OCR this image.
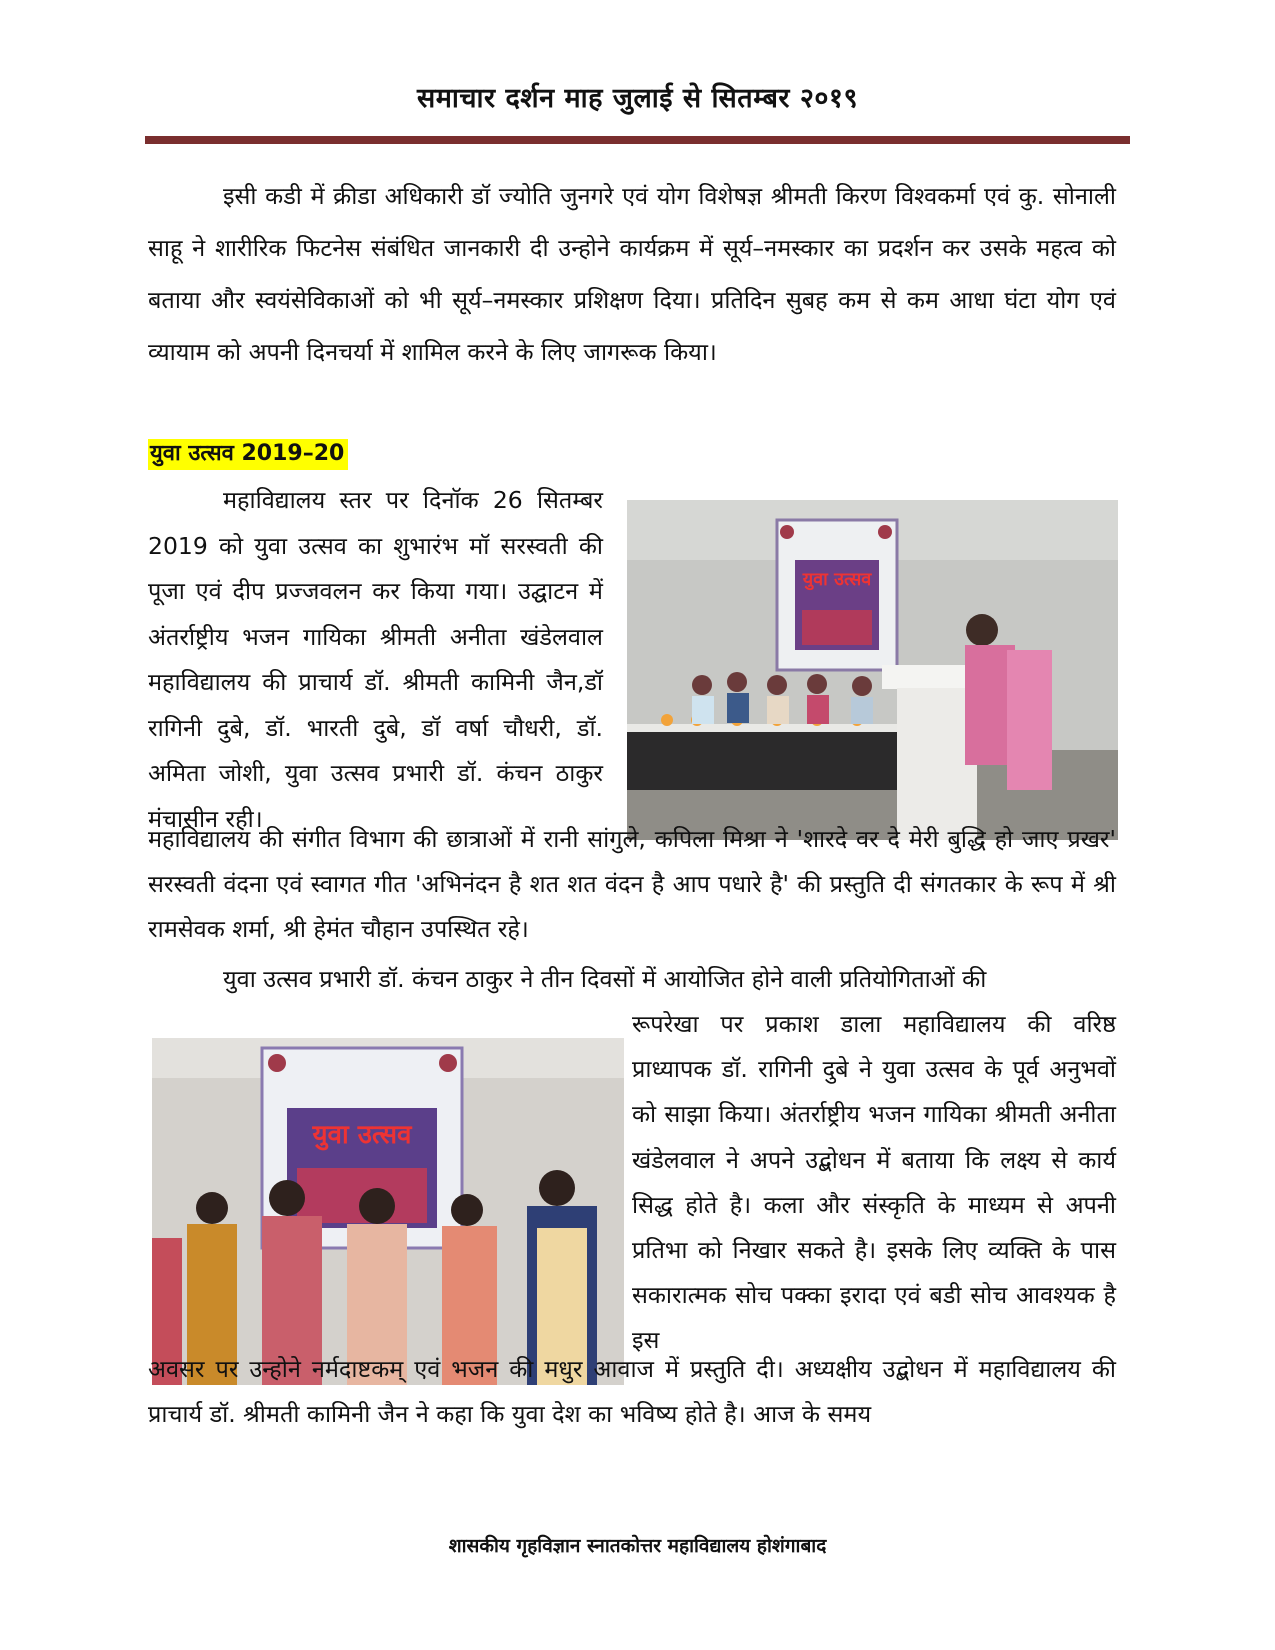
समाचार दर्शन माह जुलाई से सितम्बर २०१९

इसी कडी में क्रीडा अधिकारी डॉ ज्योति जुनगरे एवं योग विशेषज्ञ श्रीमती किरण विश्वकर्मा एवं कु. सोनाली साहू ने शारीरिक फिटनेस संबंधित जानकारी दी उन्होने कार्यक्रम में सूर्य–नमस्कार का प्रदर्शन कर उसके महत्व को बताया और स्वयंसेविकाओं को भी सूर्य–नमस्कार प्रशिक्षण दिया। प्रतिदिन सुबह कम से कम आधा घंटा योग एवं व्यायाम को अपनी दिनचर्या में शामिल करने के लिए जागरूक किया।

युवा उत्सव 2019–20

महाविद्यालय स्तर पर दिनॉक 26 सितम्बर 2019 को युवा उत्सव का शुभारंभ मॉ सरस्वती की पूजा एवं दीप प्रज्जवलन कर किया गया। उद्घाटन में अंतर्राष्ट्रीय भजन गायिका श्रीमती अनीता खंडेलवाल महाविद्यालय की प्राचार्य डॉ. श्रीमती कामिनी जैन,डॉ रागिनी दुबे, डॉ. भारती दुबे, डॉ वर्षा चौधरी, डॉ. अमिता जोशी, युवा उत्सव प्रभारी डॉ. कंचन ठाकुर मंचासीन रही।

युवा उत्सव

महाविद्यालय की संगीत विभाग की छात्राओं में रानी सांगुले, कपिला मिश्रा ने 'शारदे वर दे मेरी बुद्धि हो जाए प्रखर' सरस्वती वंदना एवं स्वागत गीत 'अभिनंदन है शत शत वंदन है आप पधारे है' की प्रस्तुति दी संगतकार के रूप में श्री रामसेवक शर्मा, श्री हेमंत चौहान उपस्थित रहे।

युवा उत्सव प्रभारी डॉ. कंचन ठाकुर ने तीन दिवसों में आयोजित होने वाली प्रतियोगिताओं की

युवा उत्सव

रूपरेखा पर प्रकाश डाला महाविद्यालय की वरिष्ठ प्राध्यापक डॉ. रागिनी दुबे ने युवा उत्सव के पूर्व अनुभवों को साझा किया। अंतर्राष्ट्रीय भजन गायिका श्रीमती अनीता खंडेलवाल ने अपने उद्बोधन में बताया कि लक्ष्य से कार्य सिद्ध होते है। कला और संस्कृति के माध्यम से अपनी प्रतिभा को निखार सकते है। इसके लिए व्यक्ति के पास सकारात्मक सोच पक्का इरादा एवं बडी सोच आवश्यक है इस

अवसर पर उन्होने नर्मदाष्टकम् एवं भजन की मधुर आवाज में प्रस्तुति दी। अध्यक्षीय उद्बोधन में महाविद्यालय की प्राचार्य डॉ. श्रीमती कामिनी जैन ने कहा कि युवा देश का भविष्य होते है। आज के समय

शासकीय गृहविज्ञान स्नातकोत्तर महाविद्यालय होशंगाबाद
